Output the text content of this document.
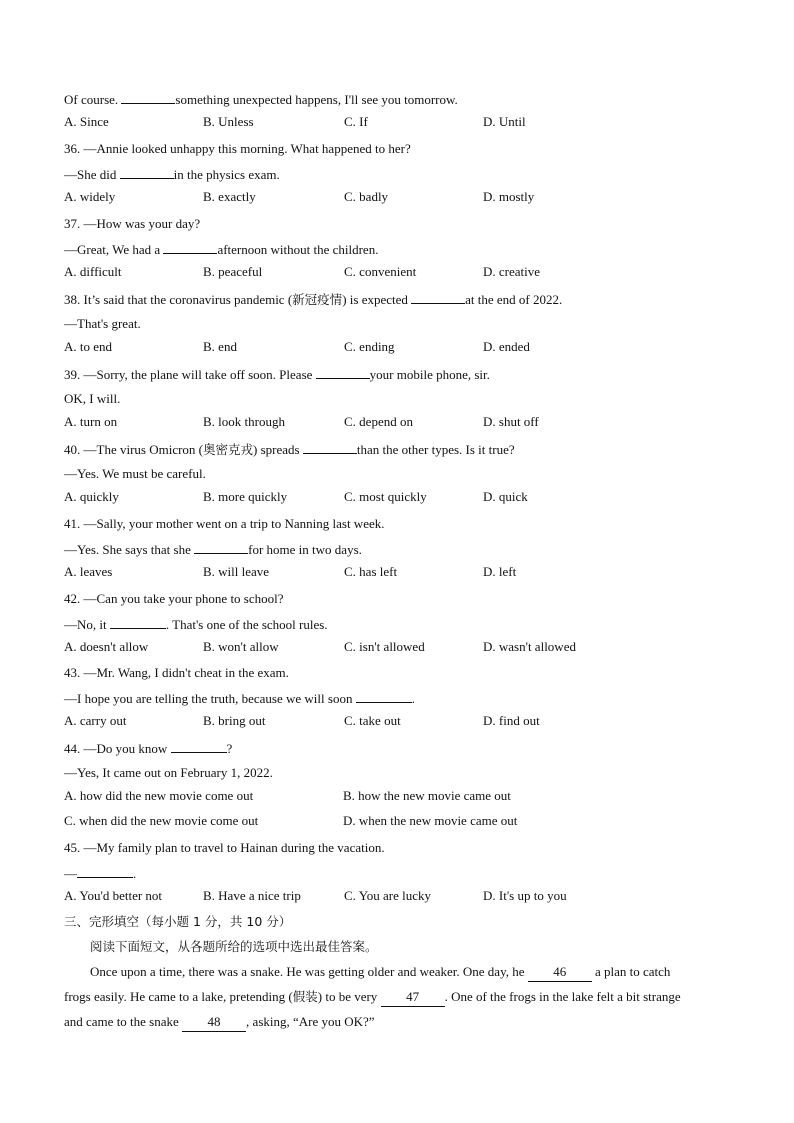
Of course.	something unexpected happens, I'll see you tomorrow.
A. Since	B. Unless	C. If	D. Until
36. —Annie looked unhappy this morning. What happened to her?
—She did	in the physics exam.
A. widely	B. exactly	C. badly	D. mostly
37. —How was your day?
—Great, We had a	afternoon without the children.
A. difficult	B. peaceful	C. convenient	D. creative
38. It’s said that the coronavirus pandemic (新冠疫情) is expected	at the end of 2022.
—That's great.
A. to end	B. end	C. ending	D. ended
39. —Sorry, the plane will take off soon. Please	your mobile phone, sir.
OK, I will.
A. turn on	B. look through	C. depend on	D. shut off
40. —The virus Omicron (奥密克戎) spreads	than the other types. Is it true?
—Yes. We must be careful.
A. quickly	B. more quickly	C. most quickly	D. quick
41. —Sally, your mother went on a trip to Nanning last week.
—Yes. She says that she	for home in two days.
A. leaves	B. will leave	C. has left	D. left
42. —Can you take your phone to school?
—No, it	. That's one of the school rules.
A. doesn't allow	B. won't allow	C. isn't allowed	D. wasn't allowed
43. —Mr. Wang, I didn't cheat in the exam.
—I hope you are telling the truth, because we will soon	.
A. carry out	B. bring out	C. take out	D. find out
44. —Do you know	?
—Yes, It came out on February 1, 2022.
A. how did the new movie come out	B. how the new movie came out
C. when did the new movie come out	D. when the new movie came out
45. —My family plan to travel to Hainan during the vacation.
—	.
A. You'd better not	B. Have a nice trip	C. You are lucky	D. It's up to you
三、完形填空（每小题 1 分，共 10 分）
阅读下面短文，从各题所给的选项中选出最佳答案。
Once upon a time, there was a snake. He was getting older and weaker. One day, he 46 a plan to catch
frogs easily. He came to a lake, pretending (假装) to be very 47 . One of the frogs in the lake felt a bit strange
and came to the snake 48 , asking, “Are you OK?”
